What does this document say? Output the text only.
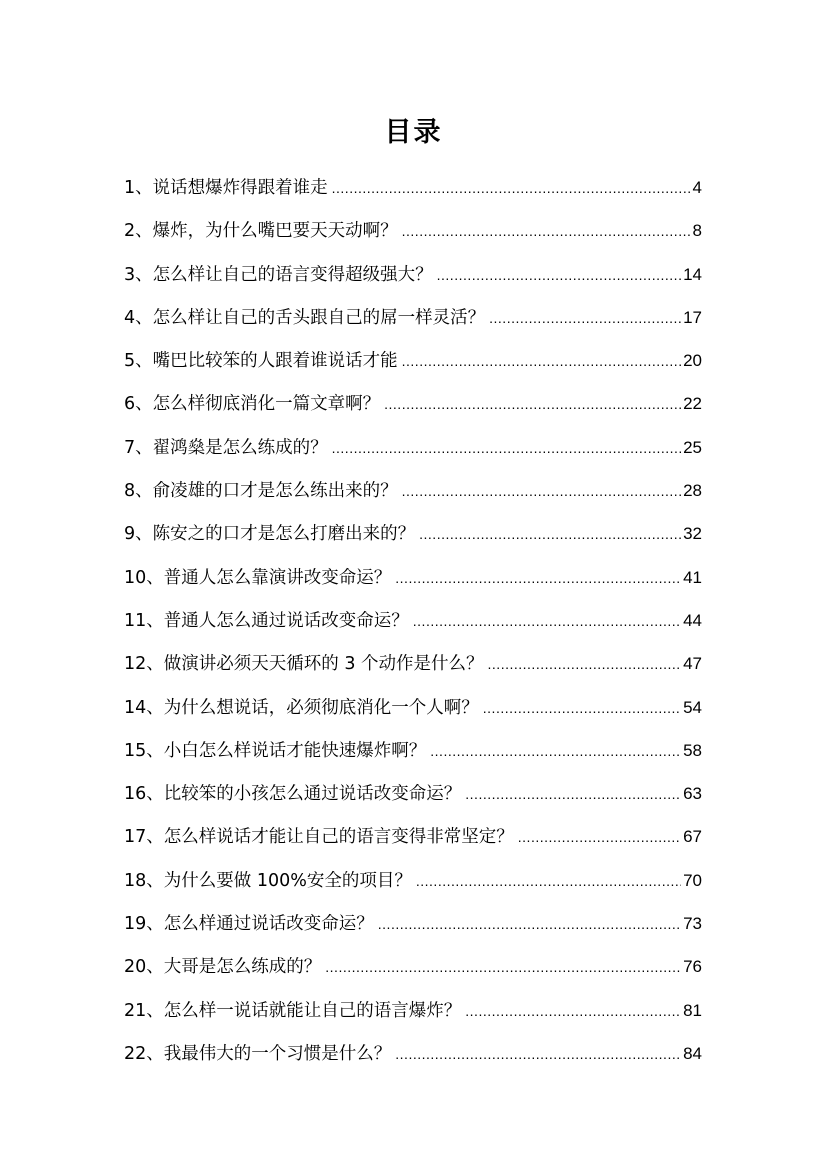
目录
1、说话想爆炸得跟着谁走 .....	4
2、爆炸，为什么嘴巴要天天动啊？ .....	8
3、怎么样让自己的语言变得超级强大？ .....	14
4、怎么样让自己的舌头跟自己的屌一样灵活？ .....	17
5、嘴巴比较笨的人跟着谁说话才能 .....	20
6、怎么样彻底消化一篇文章啊？ .....	22
7、翟鸿燊是怎么练成的？ .....	25
8、俞凌雄的口才是怎么练出来的？ .....	28
9、陈安之的口才是怎么打磨出来的？ .....	32
10、普通人怎么靠演讲改变命运？ .....	41
11、普通人怎么通过说话改变命运？ .....	44
12、做演讲必须天天循环的 3 个动作是什么？ .....	47
14、为什么想说话，必须彻底消化一个人啊？ .....	54
15、小白怎么样说话才能快速爆炸啊？ .....	58
16、比较笨的小孩怎么通过说话改变命运？ .....	63
17、怎么样说话才能让自己的语言变得非常坚定？ .....	67
18、为什么要做 100%安全的项目？ .....	70
19、怎么样通过说话改变命运？ .....	73
20、大哥是怎么练成的？ .....	76
21、怎么样一说话就能让自己的语言爆炸？ .....	81
22、我最伟大的一个习惯是什么？ .....	84
